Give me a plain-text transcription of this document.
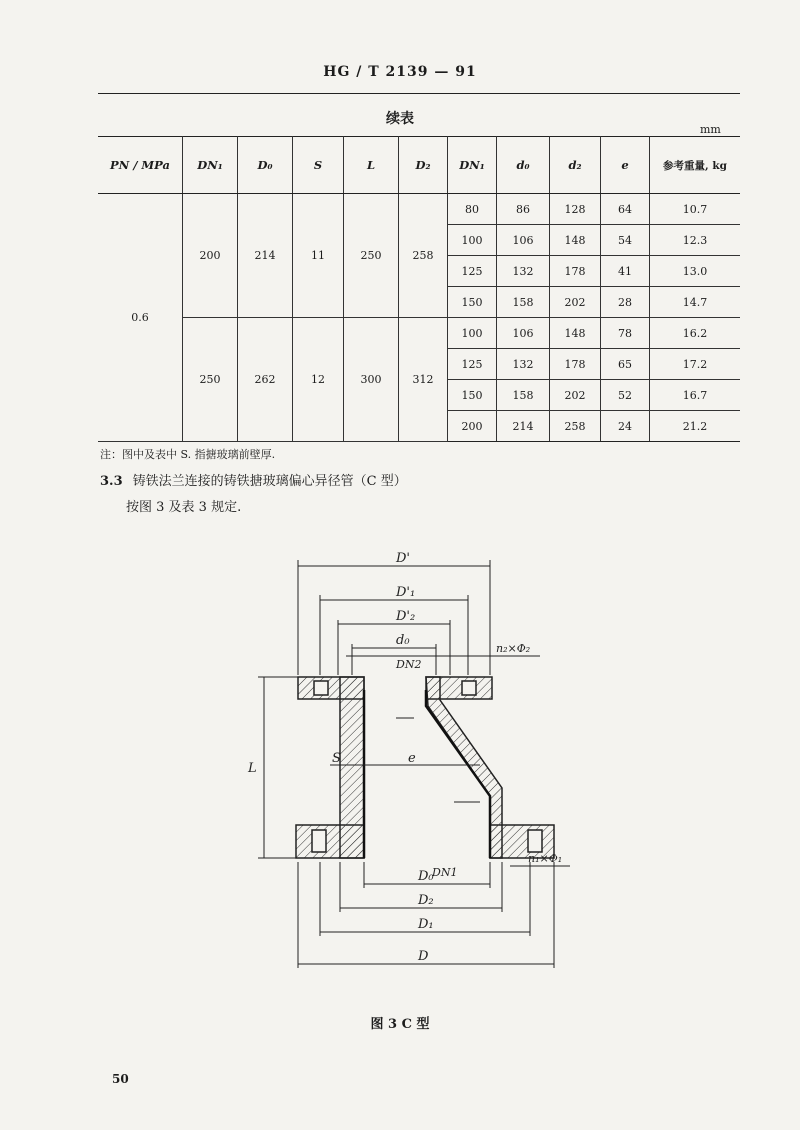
HG / T 2139 — 91
续表
mm
PN / MPa	DN₁	D₀	S	L	D₂	DN₁	d₀	d₂	e	参考重量, kg
0.6	200	214	11	250	258	80	86	128	64	10.7
						100	106	148	54	12.3
						125	132	178	41	13.0
						150	158	202	28	14.7
	250	262	12	300	312	100	106	148	78	16.2
						125	132	178	65	17.2
						150	158	202	52	16.7
						200	214	258	24	21.2
注：图中及表中 S. 指搪玻璃前壁厚.
3.3 铸铁法兰连接的铸铁搪玻璃偏心异径管（C 型）
按图 3 及表 3 规定.
D'
D'₁
D'₂
d₀
DN2
n₂×Φ₂
L
S	e
DN1
n₁×Φ₁
D₀
D₂
D₁
D
图 3 C 型
50
